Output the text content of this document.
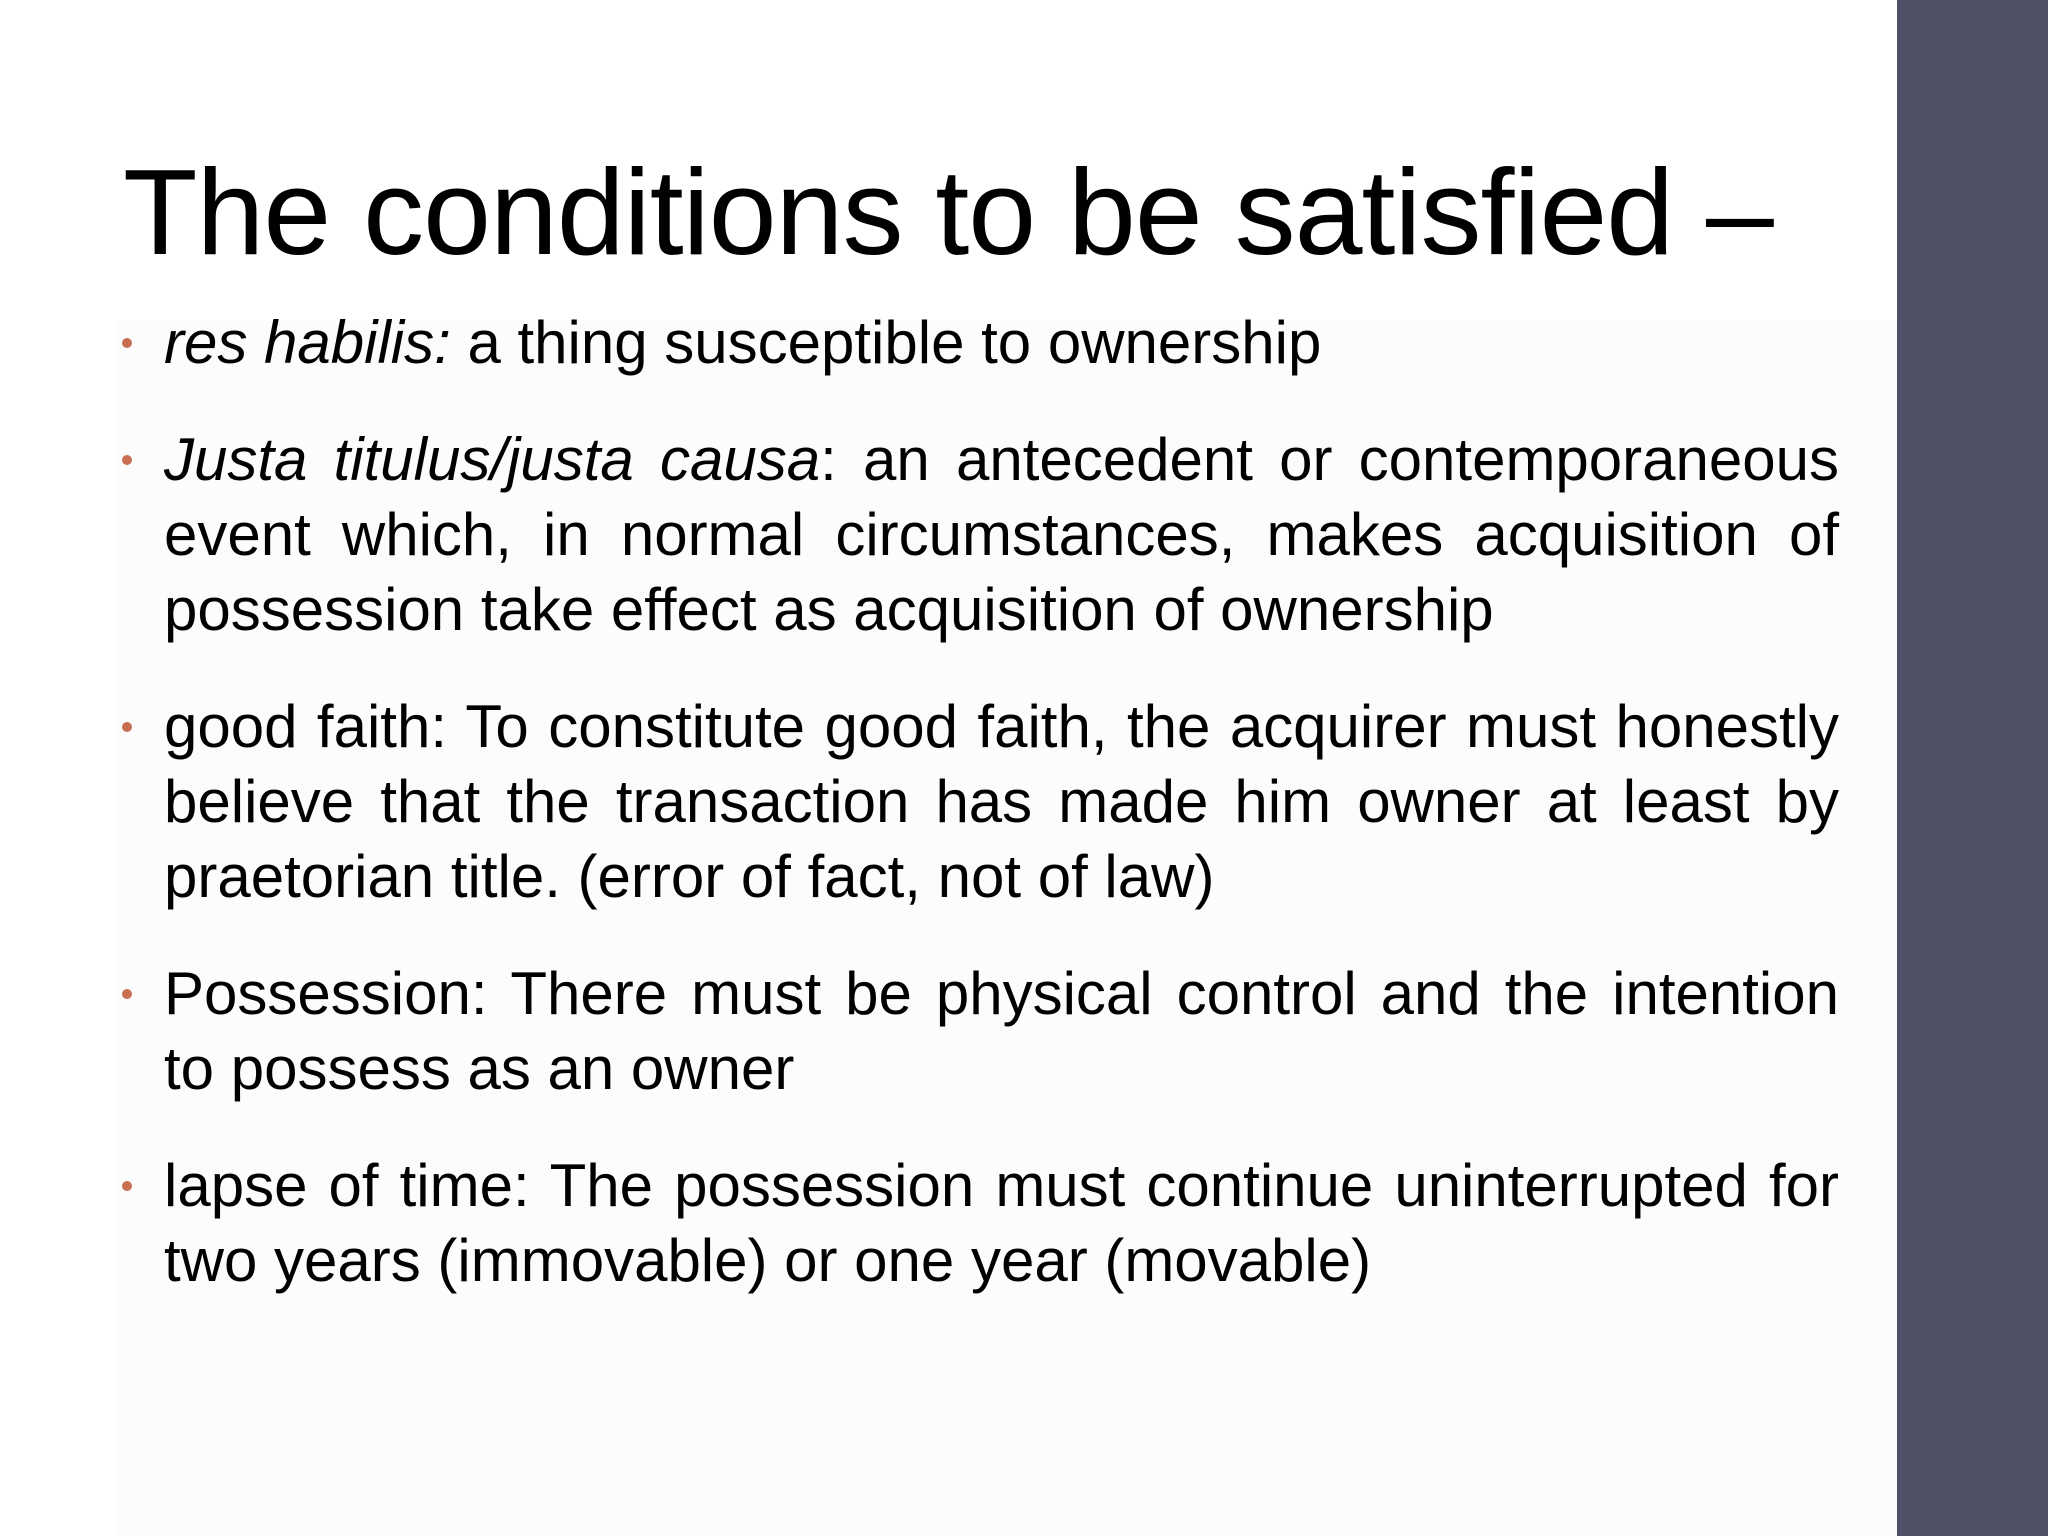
The conditions to be satisfied –
res habilis: a thing susceptible to ownership
Justa titulus/justa causa: an antecedent or contemporaneous event which, in normal circumstances, makes acquisition of possession take effect as acquisition of ownership
good faith: To constitute good faith, the acquirer must honestly believe that the transaction has made him owner at least by praetorian title. (error of fact, not of law)
Possession: There must be physical control and the intention to possess as an owner
lapse of time: The possession must continue uninterrupted for two years (immovable) or one year (movable)
